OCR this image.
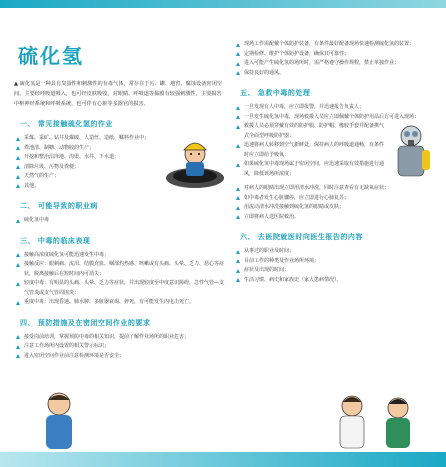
硫化氢
▲ 硫化氢是一种具有臭蛋性和刺激性的有毒气体，常存在于污、罐、地窖、腐蚀设备密闭空间。主要经呼吸道吸入，也可经皮肤吸收，对眼睛、呼吸道等黏膜有较强刺激性，主要损害中枢神经系统和呼吸系统，也可伴有心脏等多器官的损害。
一、 常见接触硫化氢的作业
采煤、采矿、钻井及爆破、人造丝、造纸、鞣料作业中；
粪池清、制糖、动物胶的生产；
开挖和整治沼泽地、沟渠、水井、下水道；
清除垃圾、污物及粪便；
天然气的生产；
其他。
二、 可能导致的职业病
硫化氢中毒
三、 中毒的临床表现
接触高浓度硫化氢可能迅速发生中毒；
接触反应：眼刺痛、流泪、结膜充血、咽部灼热感、咳嗽或有头痛、头晕、乏力、恶心等症状，脱离接触后在短时间内可消失；
轻度中毒：有明显的头痛、头晕、乏力等症状，并出现轻度至中度意识障碍，急性气管—支气管炎或支气管周围炎；
重度中毒：出现昏迷、肺水肿、多脏器衰竭、猝死，有可能发生内电击死亡。
四、 预防措施及在密闭空间作业的要求
接受岗前培训，掌握预防中毒的相关知识，提前了解作业场所的职业危害；
注意工作场所内设置的相关警示标识；
进入密闭空间作业前注意检测环境是否安全；
现场工作需配戴个体防护装备，有条件最好配备现场快速检测硫化氢的装置；
定期检修、维护个体防护设备，确保其可靠性；
进入可能产生硫化氢的场所时，需严格遵守操作规程，禁止单独作业；
保持良好的通风。
五、 急救中毒的处理
一旦发现有人中毒，应立即报警，并迅速报告负责人；
一旦发生硫化氢中毒，现场救援人员应立即佩戴个体防护用品后方可进入现场；
救援人员必须穿戴有效的防护服、防护帽、橡胶手套并配备携气式全面型呼吸防护器；
迅速将病人转移到空气新鲜处，保持病人的呼吸道通畅，有条件时应立即给予吸氧；
如果硫化氢中毒现场属于密闭空间，应迅速采取有效措施进行通风，降低该场所浓度；
对病人的眼睛出现立即用清水冲洗，同时注意查看有无缺氧症状；
如中毒者发生心脏骤停，应立即进行心肺复苏；
用流动清水冲洗接触到硫化氢的眼睛或皮肤；
立即将病人送医院救治。
六、 去医院就医时向医生报告的内容
从事过的职业及时间；
目前工作的种类及作业场所环境；
症状及出现的时间；
生活习惯、病史和家族史（家人患病情况）。
